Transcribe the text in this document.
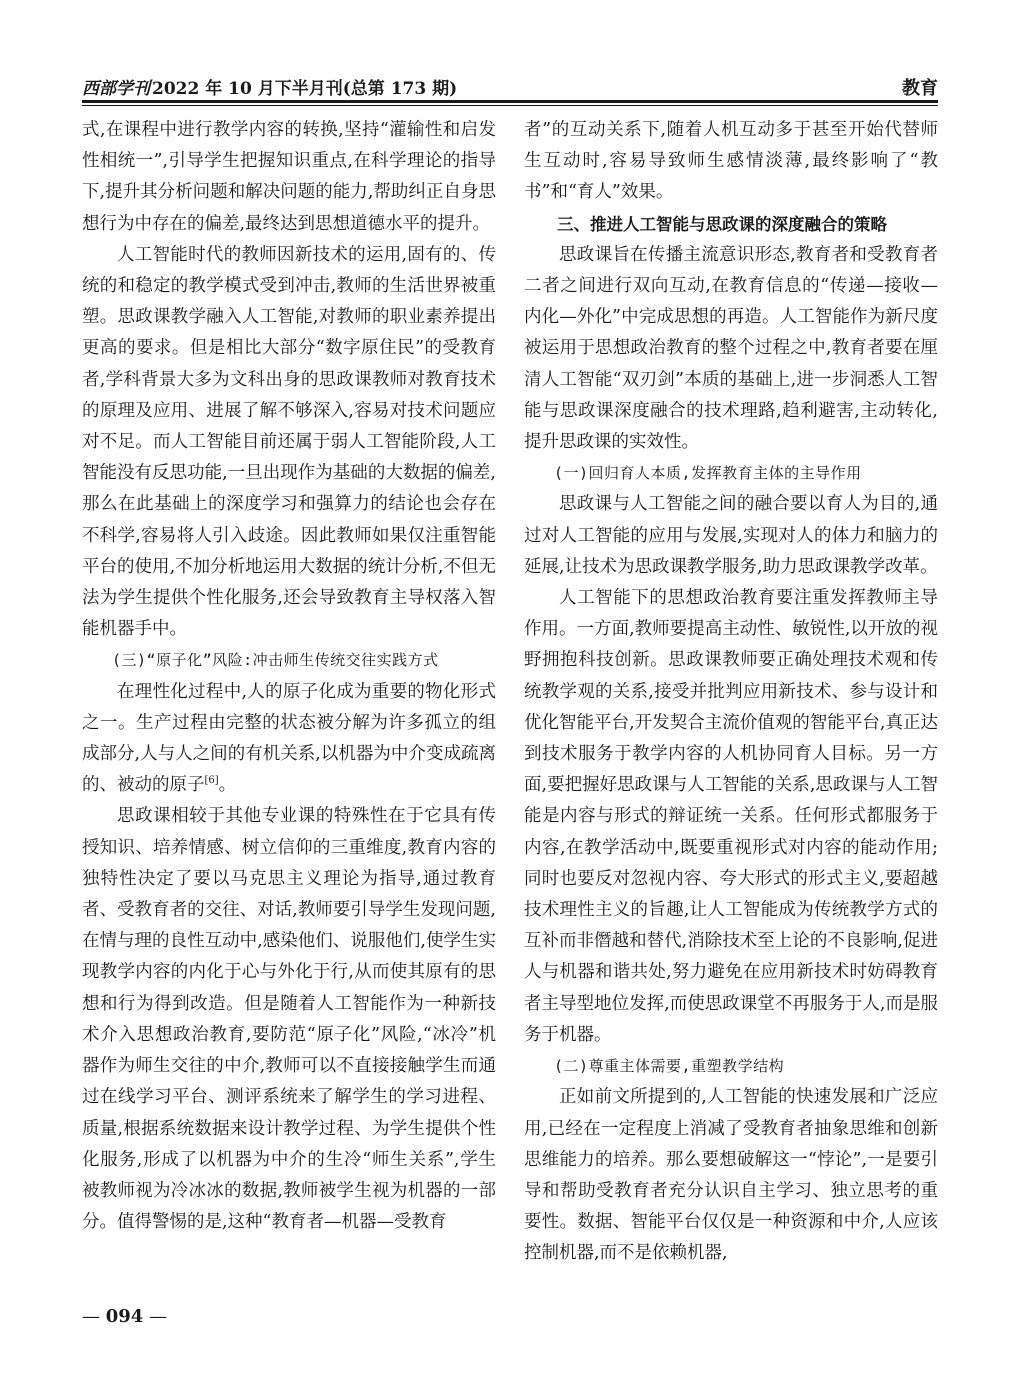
西部学刊 2022 年 10 月下半月刊(总第 173 期)	教育

式,在课程中进行教学内容的转换,坚持“灌输性和启发性相统一”,引导学生把握知识重点,在科学理论的指导下,提升其分析问题和解决问题的能力,帮助纠正自身思想行为中存在的偏差,最终达到思想道德水平的提升。

人工智能时代的教师因新技术的运用,固有的、传统的和稳定的教学模式受到冲击,教师的生活世界被重塑。思政课教学融入人工智能,对教师的职业素养提出更高的要求。但是相比大部分“数字原住民”的受教育者,学科背景大多为文科出身的思政课教师对教育技术的原理及应用、进展了解不够深入,容易对技术问题应对不足。而人工智能目前还属于弱人工智能阶段,人工智能没有反思功能,一旦出现作为基础的大数据的偏差,那么在此基础上的深度学习和强算力的结论也会存在不科学,容易将人引入歧途。因此教师如果仅注重智能平台的使用,不加分析地运用大数据的统计分析,不但无法为学生提供个性化服务,还会导致教育主导权落入智能机器手中。

(三)“原子化”风险:冲击师生传统交往实践方式

在理性化过程中,人的原子化成为重要的物化形式之一。生产过程由完整的状态被分解为许多孤立的组成部分,人与人之间的有机关系,以机器为中介变成疏离的、被动的原子[6]。

思政课相较于其他专业课的特殊性在于它具有传授知识、培养情感、树立信仰的三重维度,教育内容的独特性决定了要以马克思主义理论为指导,通过教育者、受教育者的交往、对话,教师要引导学生发现问题,在情与理的良性互动中,感染他们、说服他们,使学生实现教学内容的内化于心与外化于行,从而使其原有的思想和行为得到改造。但是随着人工智能作为一种新技术介入思想政治教育,要防范“原子化”风险,“冰冷”机器作为师生交往的中介,教师可以不直接接触学生而通过在线学习平台、测评系统来了解学生的学习进程、质量,根据系统数据来设计教学过程、为学生提供个性化服务,形成了以机器为中介的生冷“师生关系”,学生被教师视为冷冰冰的数据,教师被学生视为机器的一部分。值得警惕的是,这种“教育者—机器—受教育

者”的互动关系下,随着人机互动多于甚至开始代替师生互动时,容易导致师生感情淡薄,最终影响了“教书”和“育人”效果。

三、推进人工智能与思政课的深度融合的策略

思政课旨在传播主流意识形态,教育者和受教育者二者之间进行双向互动,在教育信息的“传递—接收—内化—外化”中完成思想的再造。人工智能作为新尺度被运用于思想政治教育的整个过程之中,教育者要在厘清人工智能“双刃剑”本质的基础上,进一步洞悉人工智能与思政课深度融合的技术理路,趋利避害,主动转化,提升思政课的实效性。

(一)回归育人本质,发挥教育主体的主导作用

思政课与人工智能之间的融合要以育人为目的,通过对人工智能的应用与发展,实现对人的体力和脑力的延展,让技术为思政课教学服务,助力思政课教学改革。

人工智能下的思想政治教育要注重发挥教师主导作用。一方面,教师要提高主动性、敏锐性,以开放的视野拥抱科技创新。思政课教师要正确处理技术观和传统教学观的关系,接受并批判应用新技术、参与设计和优化智能平台,开发契合主流价值观的智能平台,真正达到技术服务于教学内容的人机协同育人目标。另一方面,要把握好思政课与人工智能的关系,思政课与人工智能是内容与形式的辩证统一关系。任何形式都服务于内容,在教学活动中,既要重视形式对内容的能动作用;同时也要反对忽视内容、夸大形式的形式主义,要超越技术理性主义的旨趣,让人工智能成为传统教学方式的互补而非僭越和替代,消除技术至上论的不良影响,促进人与机器和谐共处,努力避免在应用新技术时妨碍教育者主导型地位发挥,而使思政课堂不再服务于人,而是服务于机器。

(二)尊重主体需要,重塑教学结构

正如前文所提到的,人工智能的快速发展和广泛应用,已经在一定程度上消减了受教育者抽象思维和创新思维能力的培养。那么要想破解这一“悖论”,一是要引导和帮助受教育者充分认识自主学习、独立思考的重要性。数据、智能平台仅仅是一种资源和中介,人应该控制机器,而不是依赖机器,

— 094 —
